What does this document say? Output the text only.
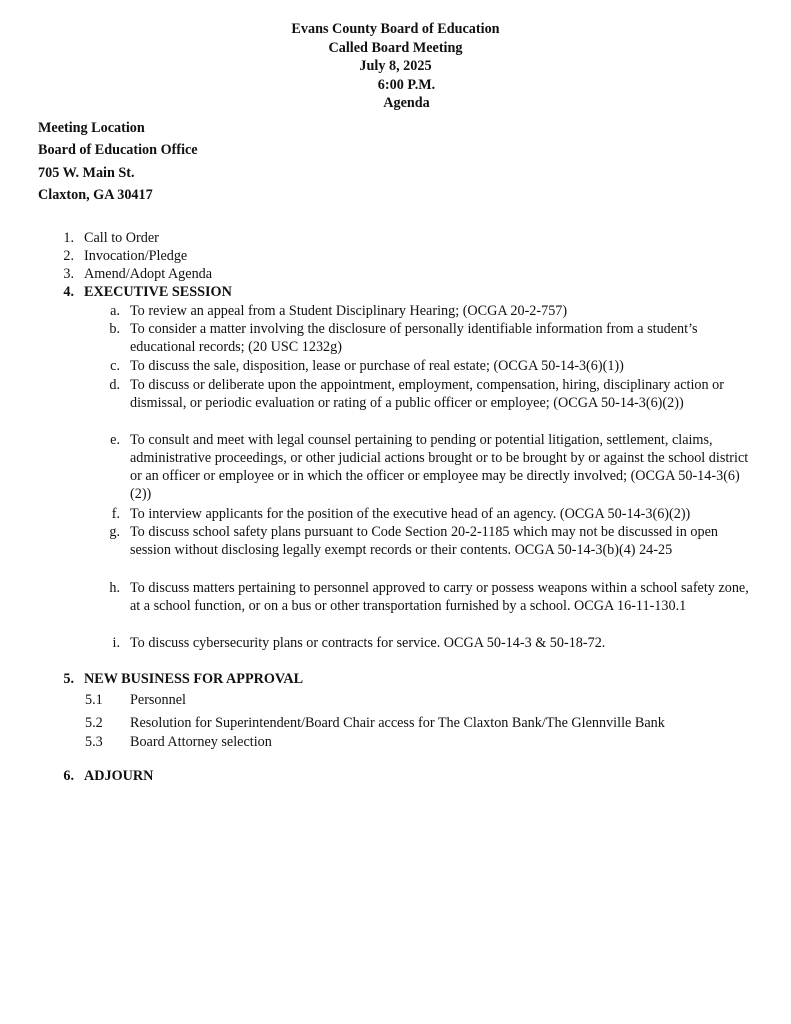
Evans County Board of Education
Called Board Meeting
July 8, 2025
6:00 P.M.
Agenda
Meeting Location
Board of Education Office
705 W. Main St.
Claxton, GA 30417
1. Call to Order
2. Invocation/Pledge
3. Amend/Adopt Agenda
4. EXECUTIVE SESSION
a. To review an appeal from a Student Disciplinary Hearing; (OCGA 20-2-757)
b. To consider a matter involving the disclosure of personally identifiable information from a student’s educational records; (20 USC 1232g)
c. To discuss the sale, disposition, lease or purchase of real estate; (OCGA 50-14-3(6)(1))
d. To discuss or deliberate upon the appointment, employment, compensation, hiring, disciplinary action or dismissal, or periodic evaluation or rating of a public officer or employee; (OCGA 50-14-3(6)(2))
e. To consult and meet with legal counsel pertaining to pending or potential litigation, settlement, claims, administrative proceedings, or other judicial actions brought or to be brought by or against the school district or an officer or employee or in which the officer or employee may be directly involved; (OCGA 50-14-3(6)(2))
f. To interview applicants for the position of the executive head of an agency. (OCGA 50-14-3(6)(2))
g. To discuss school safety plans pursuant to Code Section 20-2-1185 which may not be discussed in open session without disclosing legally exempt records or their contents. OCGA 50-14-3(b)(4) 24-25
h. To discuss matters pertaining to personnel approved to carry or possess weapons within a school safety zone, at a school function, or on a bus or other transportation furnished by a school. OCGA 16-11-130.1
i. To discuss cybersecurity plans or contracts for service. OCGA 50-14-3 & 50-18-72.
5. NEW BUSINESS FOR APPROVAL
5.1 Personnel
5.2 Resolution for Superintendent/Board Chair access for The Claxton Bank/The Glennville Bank
5.3 Board Attorney selection
6. ADJOURN
